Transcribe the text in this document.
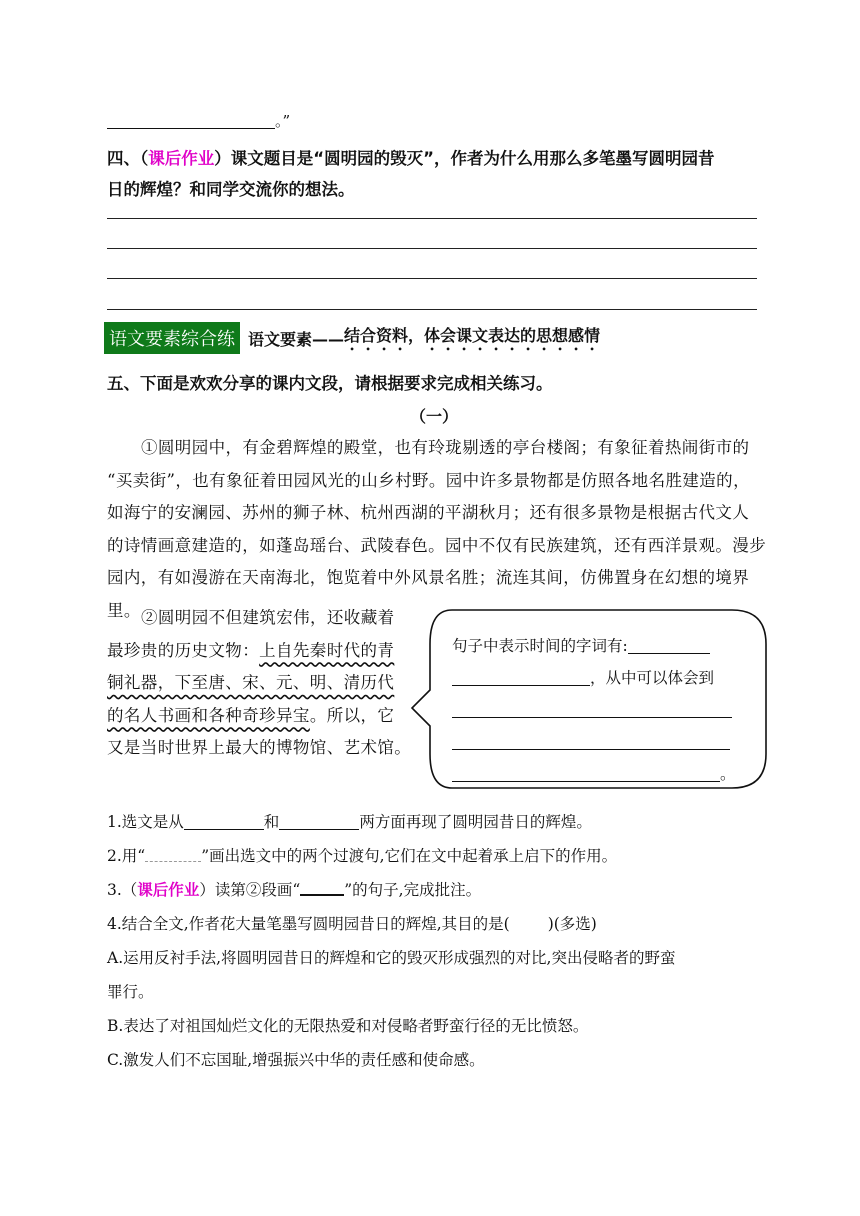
。”
四、（课后作业）课文题目是“圆明园的毁灭”，作者为什么用那么多笔墨写圆明园昔
日的辉煌？和同学交流你的想法。
语文要素综合练 语文要素—— 结合资料，体会课文表达的思想感情
五、下面是欢欢分享的课内文段，请根据要求完成相关练习。
（一）
①圆明园中，有金碧辉煌的殿堂，也有玲珑剔透的亭台楼阁；有象征着热闹街市的
“买卖街”，也有象征着田园风光的山乡村野。园中许多景物都是仿照各地名胜建造的，
如海宁的安澜园、苏州的狮子林、杭州西湖的平湖秋月；还有很多景物是根据古代文人
的诗情画意建造的，如蓬岛瑶台、武陵春色。园中不仅有民族建筑，还有西洋景观。漫步
园内，有如漫游在天南海北，饱览着中外风景名胜；流连其间，仿佛置身在幻想的境界里。 ②圆明园不但建筑宏伟，还收藏着
最珍贵的历史文物：上自先秦时代的青
铜礼器，下至唐、宋、元、明、清历代
的名人书画和各种奇珍异宝。所以，它
又是当时世界上最大的博物馆、艺术馆。
句子中表示时间的字词有:
，从中可以体会到
。
1.选文是从	和	两方面再现了圆明园昔日的辉煌。
2.用“	”画出选文中的两个过渡句,它们在文中起着承上启下的作用。
3.（课后作业）读第②段画“	”的句子,完成批注。
4.结合全文,作者花大量笔墨写圆明园昔日的辉煌,其目的是( )(多选)
A.运用反衬手法,将圆明园昔日的辉煌和它的毁灭形成强烈的对比,突出侵略者的野蛮
罪行。
B.表达了对祖国灿烂文化的无限热爱和对侵略者野蛮行径的无比愤怒。
C.激发人们不忘国耻,增强振兴中华的责任感和使命感。
